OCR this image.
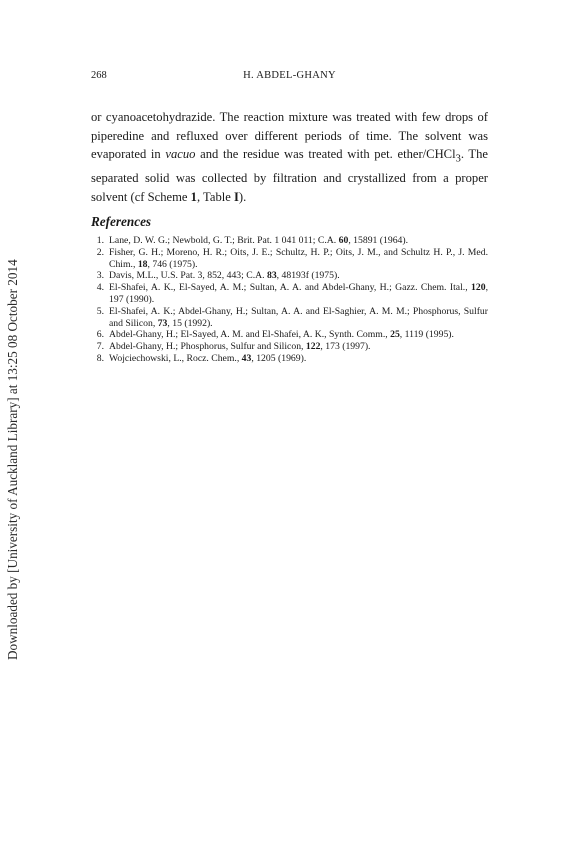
Downloaded by [University of Auckland Library] at 13:25 08 October 2014
268	H. ABDEL-GHANY

or cyanoacetohydrazide. The reaction mixture was treated with few drops of piperedine and refluxed over different periods of time. The solvent was evaporated in vacuo and the residue was treated with pet. ether/CHCl$_3$. The separated solid was collected by filtration and crystallized from a proper solvent (cf Scheme 1, Table I).

References
1. Lane, D. W. G.; Newbold, G. T.; Brit. Pat. 1 041 011; C.A. 60, 15891 (1964).
2. Fisher, G. H.; Moreno, H. R.; Oits, J. E.; Schultz, H. P.; Oits, J. M., and Schultz H. P., J. Med. Chim., 18, 746 (1975).
3. Davis, M.L., U.S. Pat. 3, 852, 443; C.A. 83, 48193f (1975).
4. El-Shafei, A. K., El-Sayed, A. M.; Sultan, A. A. and Abdel-Ghany, H.; Gazz. Chem. Ital., 120, 197 (1990).
5. El-Shafei, A. K.; Abdel-Ghany, H.; Sultan, A. A. and El-Saghier, A. M. M.; Phosphorus, Sulfur and Silicon, 73, 15 (1992).
6. Abdel-Ghany, H.; El-Sayed, A. M. and El-Shafei, A. K., Synth. Comm., 25, 1119 (1995).
7. Abdel-Ghany, H.; Phosphorus, Sulfur and Silicon, 122, 173 (1997).
8. Wojciechowski, L., Rocz. Chem., 43, 1205 (1969).
